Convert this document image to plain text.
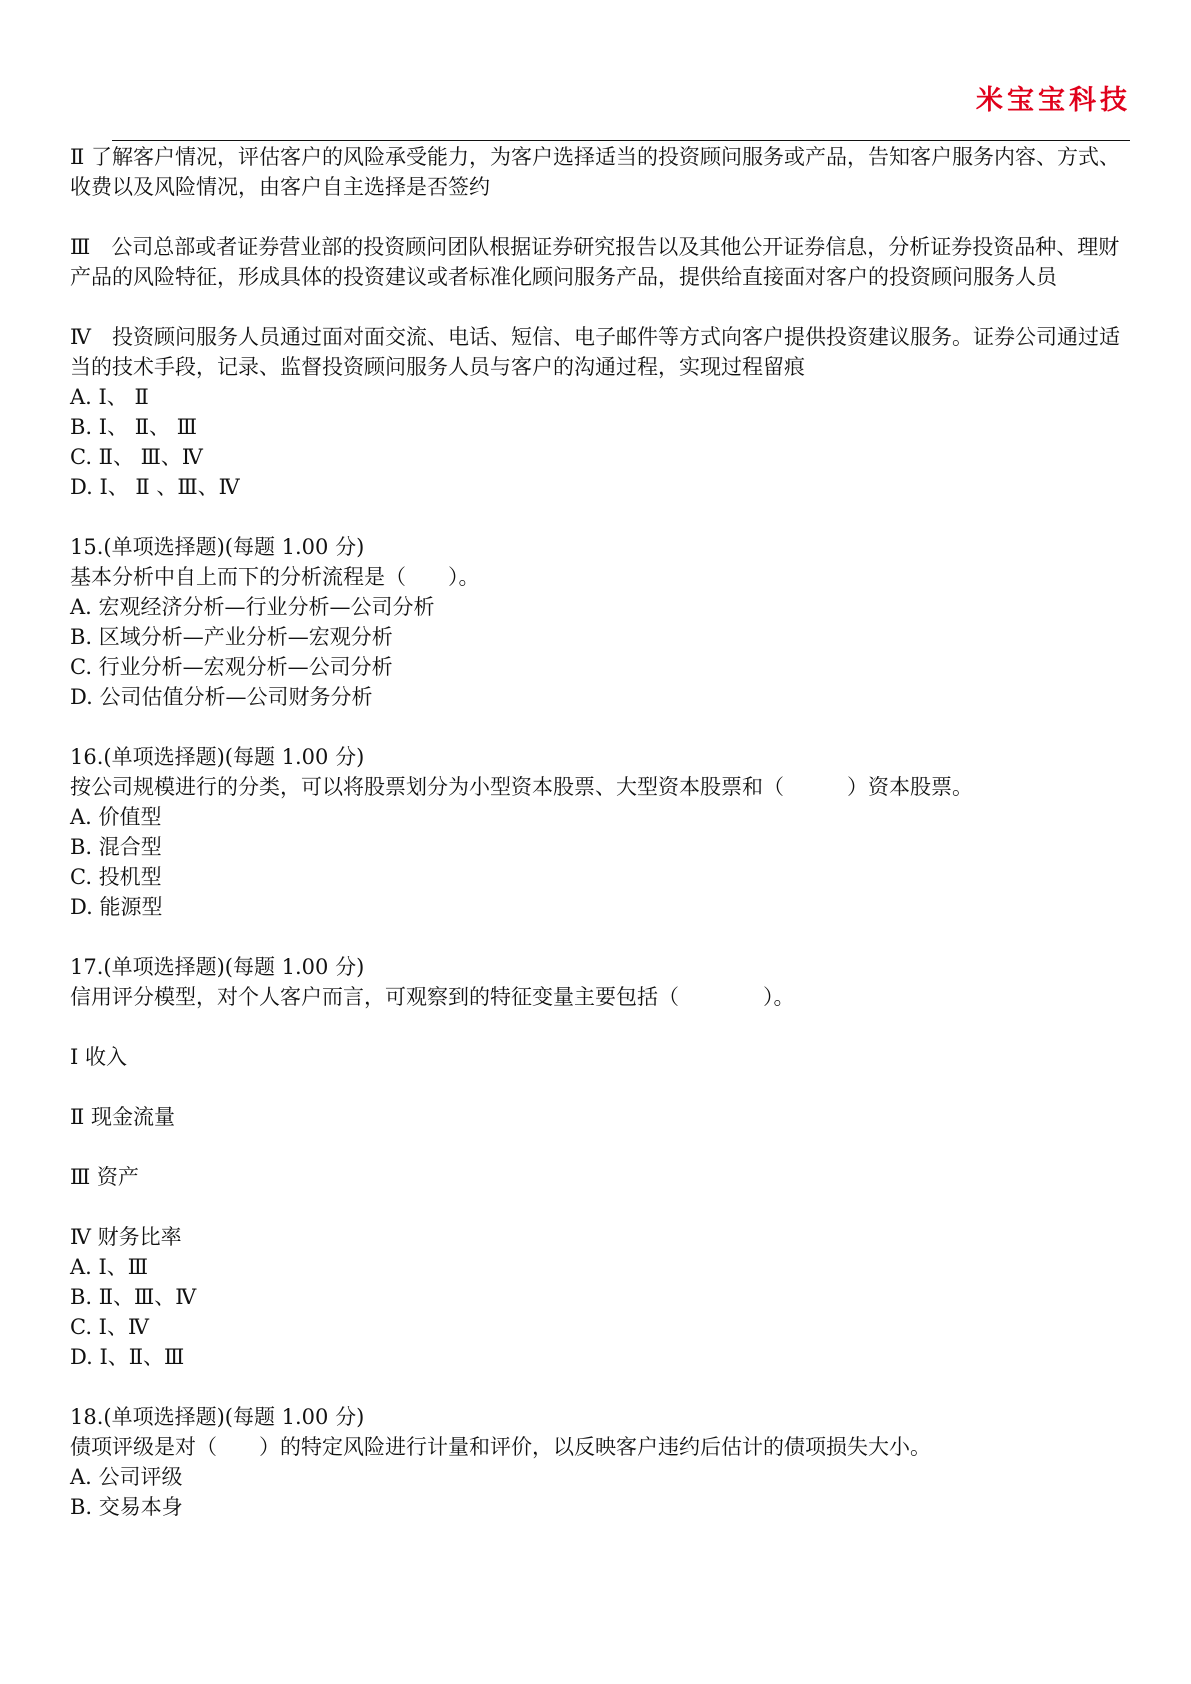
米宝宝科技

Ⅱ 了解客户情况，评估客户的风险承受能力，为客户选择适当的投资顾问服务或产品，告知客户服务内容、方式、收费以及风险情况，由客户自主选择是否签约

Ⅲ　公司总部或者证券营业部的投资顾问团队根据证券研究报告以及其他公开证券信息，分析证券投资品种、理财产品的风险特征，形成具体的投资建议或者标准化顾问服务产品，提供给直接面对客户的投资顾问服务人员

Ⅳ　投资顾问服务人员通过面对面交流、电话、短信、电子邮件等方式向客户提供投资建议服务。证券公司通过适当的技术手段，记录、监督投资顾问服务人员与客户的沟通过程，实现过程留痕

A. Ⅰ、 Ⅱ

B. Ⅰ、 Ⅱ、 Ⅲ

C. Ⅱ、 Ⅲ、Ⅳ

D. Ⅰ、 Ⅱ 、Ⅲ、Ⅳ

15.(单项选择题)(每题 1.00 分)

基本分析中自上而下的分析流程是（　　）。

A. 宏观经济分析—行业分析—公司分析

B. 区域分析—产业分析—宏观分析

C. 行业分析—宏观分析—公司分析

D. 公司估值分析—公司财务分析

16.(单项选择题)(每题 1.00 分)

按公司规模进行的分类，可以将股票划分为小型资本股票、大型资本股票和（　　　）资本股票。

A. 价值型

B. 混合型

C. 投机型

D. 能源型

17.(单项选择题)(每题 1.00 分)

信用评分模型，对个人客户而言，可观察到的特征变量主要包括（　　　　）。

Ⅰ 收入

Ⅱ 现金流量

Ⅲ 资产

Ⅳ 财务比率

A. Ⅰ、Ⅲ

B. Ⅱ、Ⅲ、Ⅳ

C. Ⅰ、Ⅳ

D. Ⅰ、Ⅱ、Ⅲ

18.(单项选择题)(每题 1.00 分)

债项评级是对（　　）的特定风险进行计量和评价，以反映客户违约后估计的债项损失大小。

A. 公司评级

B. 交易本身
